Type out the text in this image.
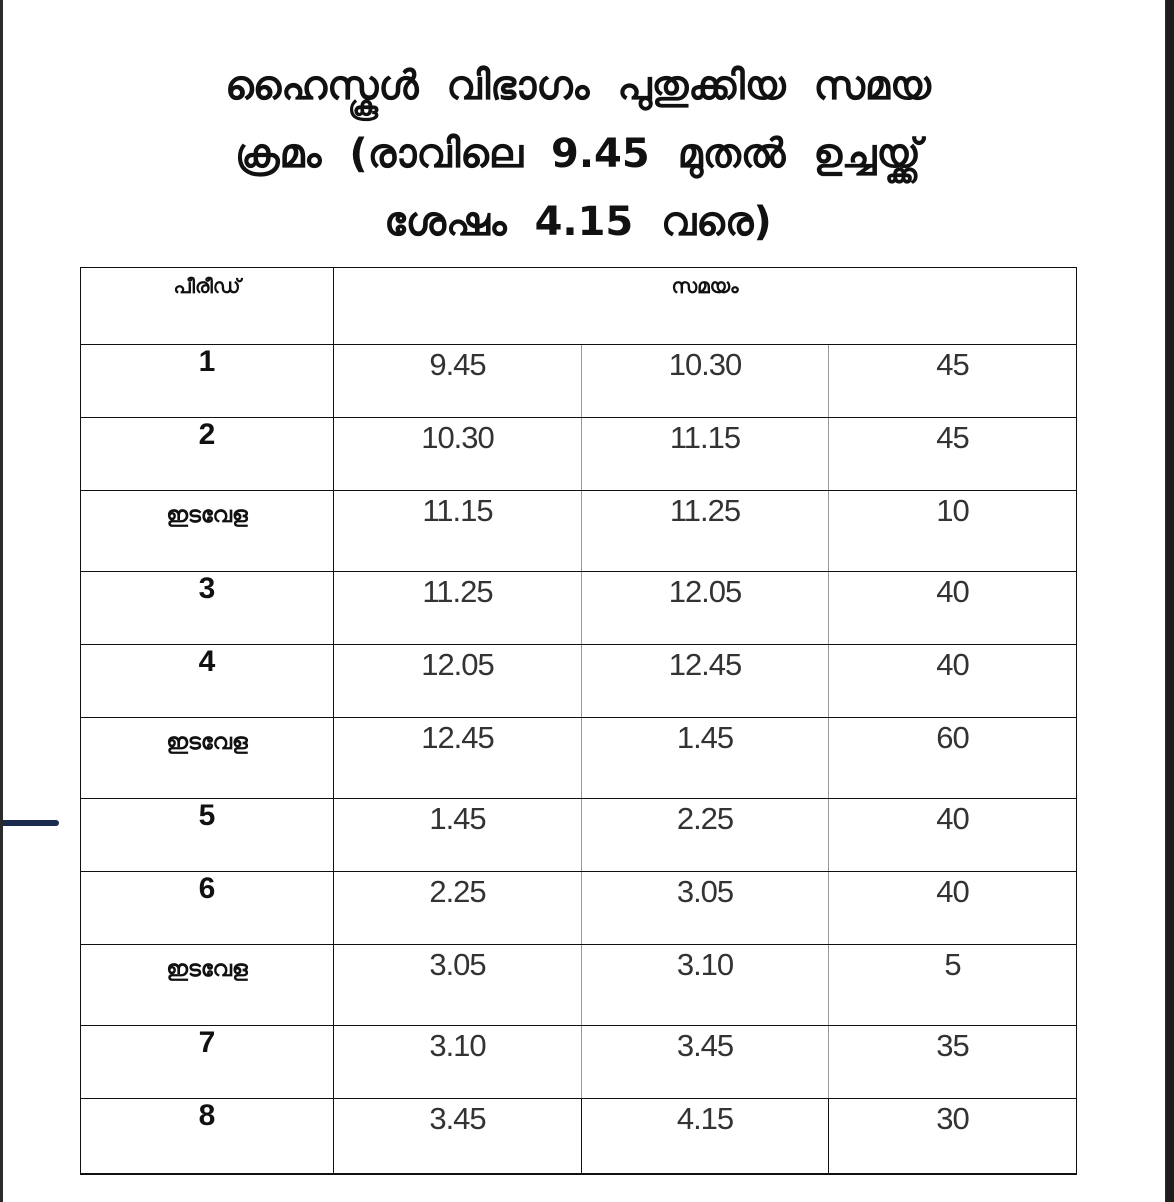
ഹൈസ്കൂൾ വിഭാഗം പുതുക്കിയ സമയ
ക്രമം (രാവിലെ 9.45 മുതൽ ഉച്ചയ്ക്ക്
ശേഷം 4.15 വരെ)
പീരീഡ്	സമയം		
1	9.45	10.30	45
2	10.30	11.15	45
ഇടവേള	11.15	11.25	10
3	11.25	12.05	40
4	12.05	12.45	40
ഇടവേള	12.45	1.45	60
5	1.45	2.25	40
6	2.25	3.05	40
ഇടവേള	3.05	3.10	5
7	3.10	3.45	35
8	3.45	4.15	30
